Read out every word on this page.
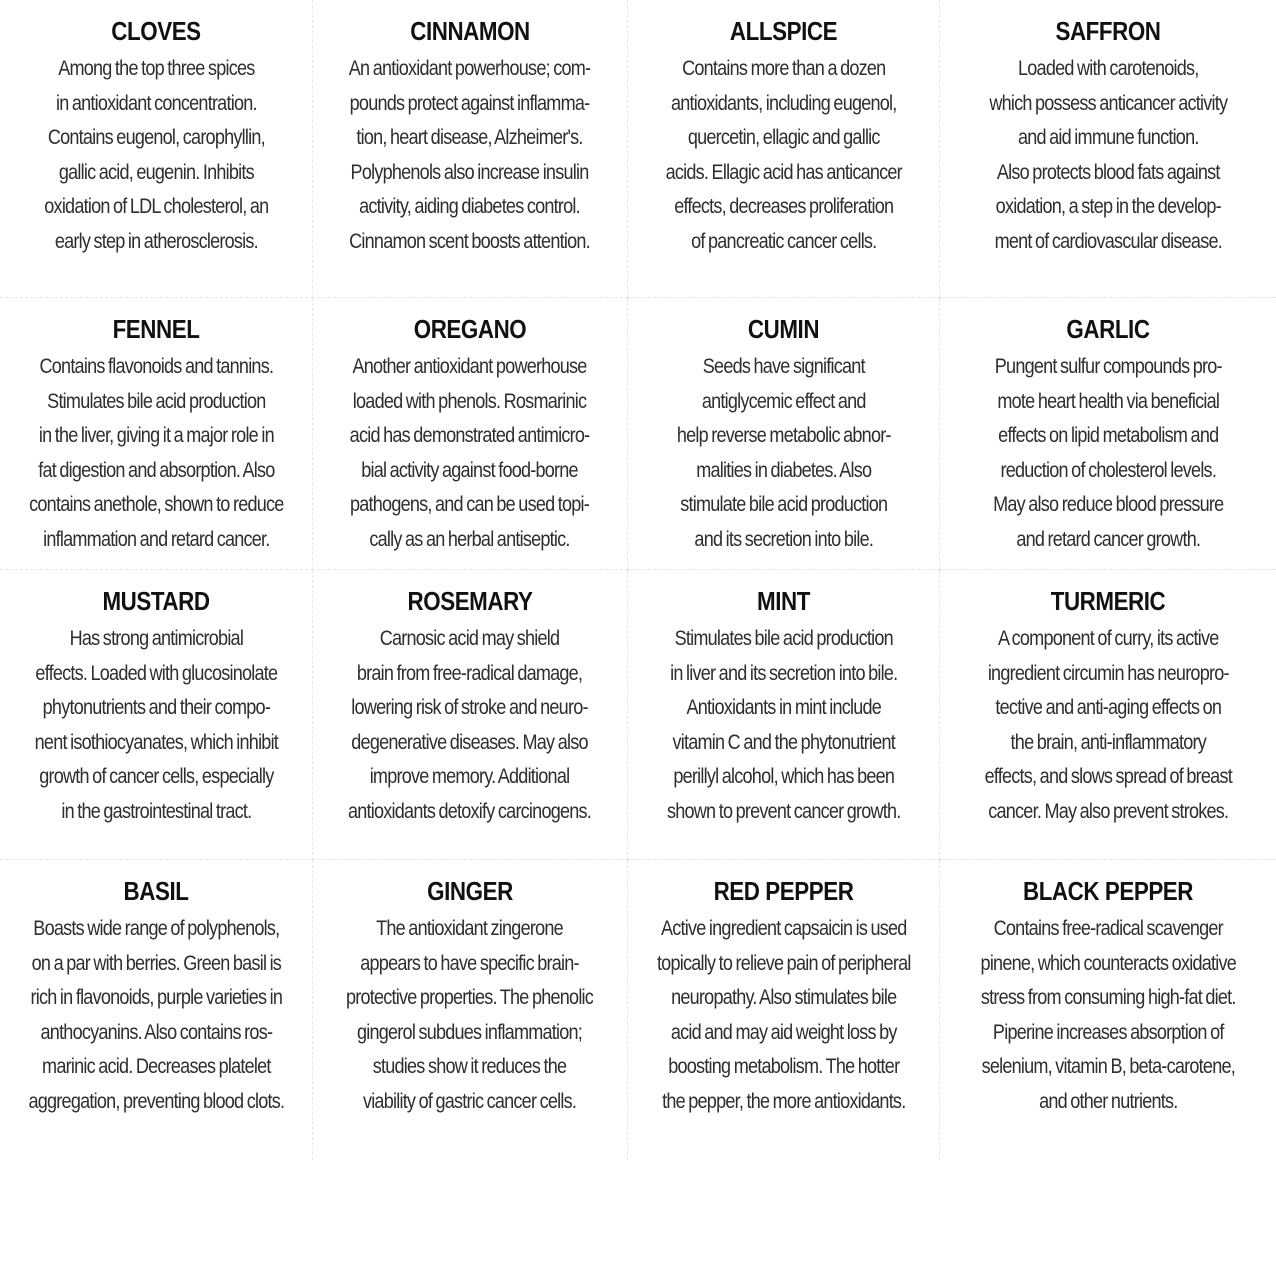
CLOVES
Among the top three spices
in antioxidant concentration.
Contains eugenol, carophyllin,
gallic acid, eugenin. Inhibits
oxidation of LDL cholesterol, an
early step in atherosclerosis.
CINNAMON
An antioxidant powerhouse; com-
pounds protect against inflamma-
tion, heart disease, Alzheimer's.
Polyphenols also increase insulin
activity, aiding diabetes control.
Cinnamon scent boosts attention.
ALLSPICE
Contains more than a dozen
antioxidants, including eugenol,
quercetin, ellagic and gallic
acids. Ellagic acid has anticancer
effects, decreases proliferation
of pancreatic cancer cells.
SAFFRON
Loaded with carotenoids,
which possess anticancer activity
and aid immune function.
Also protects blood fats against
oxidation, a step in the develop-
ment of cardiovascular disease.
FENNEL
Contains flavonoids and tannins.
Stimulates bile acid production
in the liver, giving it a major role in
fat digestion and absorption. Also
contains anethole, shown to reduce
inflammation and retard cancer.
OREGANO
Another antioxidant powerhouse
loaded with phenols. Rosmarinic
acid has demonstrated antimicro-
bial activity against food-borne
pathogens, and can be used topi-
cally as an herbal antiseptic.
CUMIN
Seeds have significant
antiglycemic effect and
help reverse metabolic abnor-
malities in diabetes. Also
stimulate bile acid production
and its secretion into bile.
GARLIC
Pungent sulfur compounds pro-
mote heart health via beneficial
effects on lipid metabolism and
reduction of cholesterol levels.
May also reduce blood pressure
and retard cancer growth.
MUSTARD
Has strong antimicrobial
effects. Loaded with glucosinolate
phytonutrients and their compo-
nent isothiocyanates, which inhibit
growth of cancer cells, especially
in the gastrointestinal tract.
ROSEMARY
Carnosic acid may shield
brain from free-radical damage,
lowering risk of stroke and neuro-
degenerative diseases. May also
improve memory. Additional
antioxidants detoxify carcinogens.
MINT
Stimulates bile acid production
in liver and its secretion into bile.
Antioxidants in mint include
vitamin C and the phytonutrient
perillyl alcohol, which has been
shown to prevent cancer growth.
TURMERIC
A component of curry, its active
ingredient circumin has neuropro-
tective and anti-aging effects on
the brain, anti-inflammatory
effects, and slows spread of breast
cancer. May also prevent strokes.
BASIL
Boasts wide range of polyphenols,
on a par with berries. Green basil is
rich in flavonoids, purple varieties in
anthocyanins. Also contains ros-
marinic acid. Decreases platelet
aggregation, preventing blood clots.
GINGER
The antioxidant zingerone
appears to have specific brain-
protective properties. The phenolic
gingerol subdues inflammation;
studies show it reduces the
viability of gastric cancer cells.
RED PEPPER
Active ingredient capsaicin is used
topically to relieve pain of peripheral
neuropathy. Also stimulates bile
acid and may aid weight loss by
boosting metabolism. The hotter
the pepper, the more antioxidants.
BLACK PEPPER
Contains free-radical scavenger
pinene, which counteracts oxidative
stress from consuming high-fat diet.
Piperine increases absorption of
selenium, vitamin B, beta-carotene,
and other nutrients.
